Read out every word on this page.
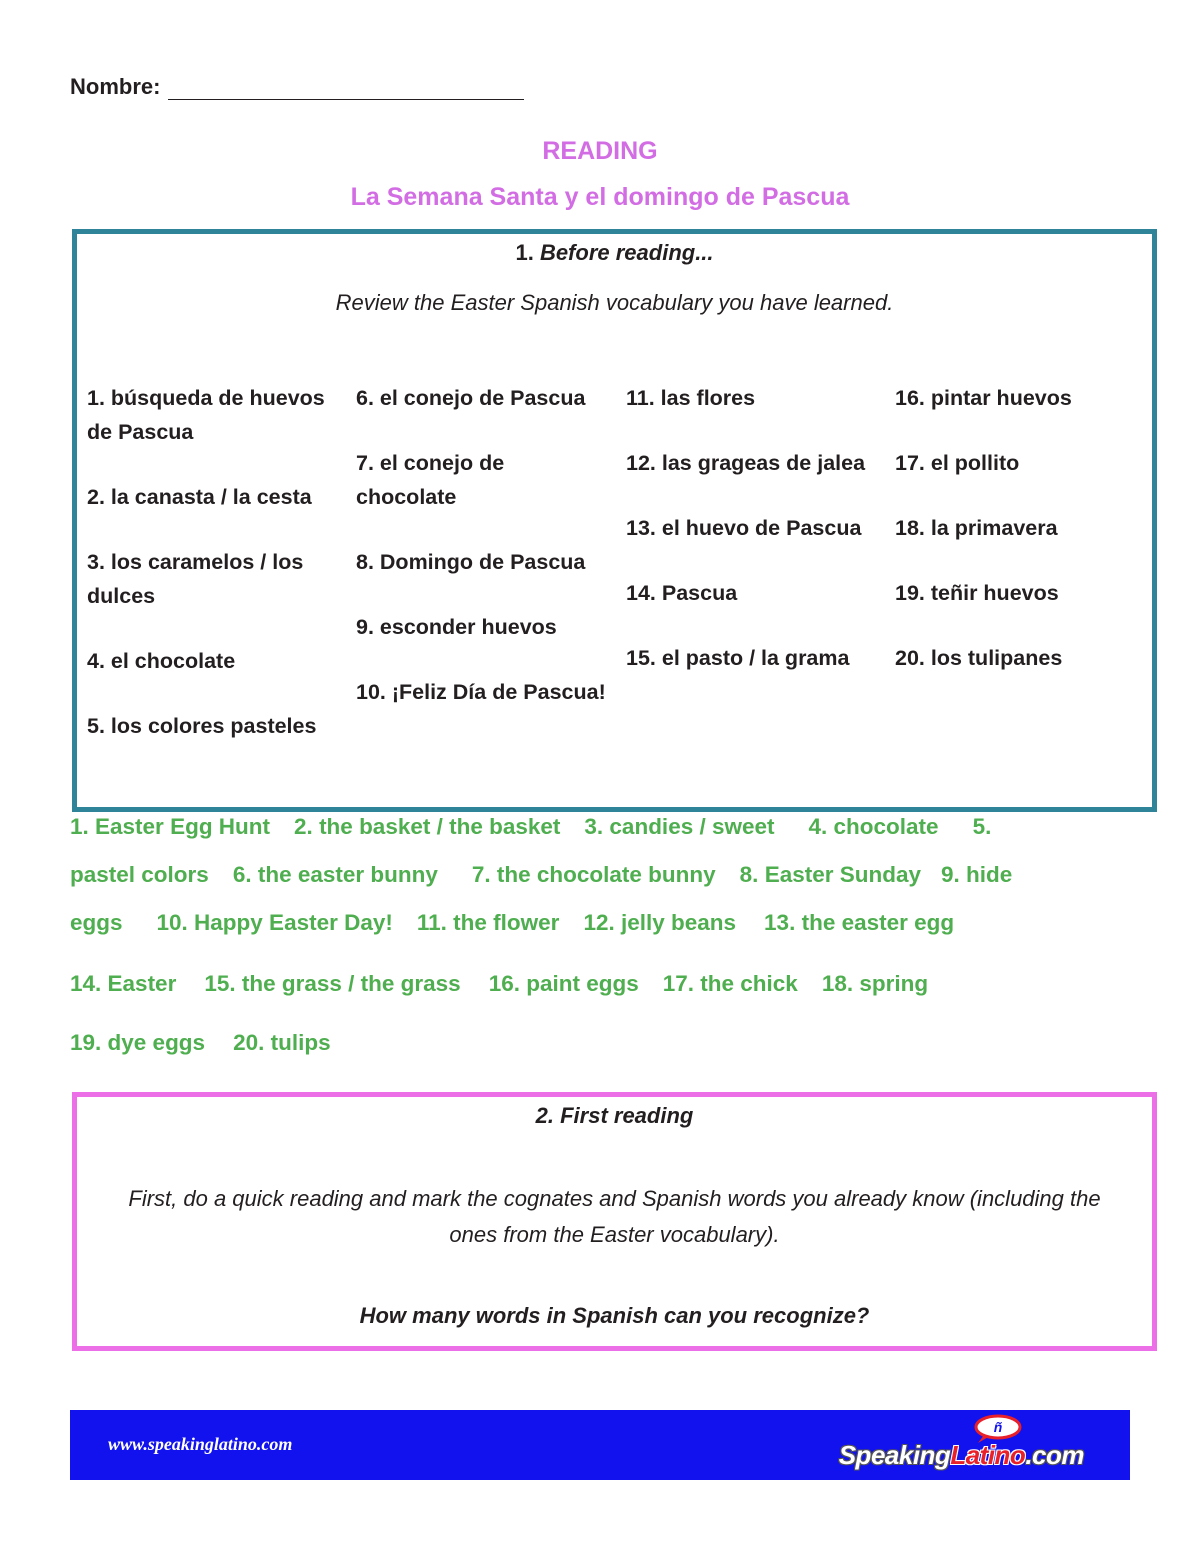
Nombre:
READING
La Semana Santa y el domingo de Pascua
1. Before reading...
Review the Easter Spanish vocabulary you have learned.
1. búsqueda de huevos de Pascua
2. la canasta / la cesta
3. los caramelos / los dulces
4. el chocolate
5. los colores pasteles
6. el conejo de Pascua
7. el conejo de chocolate
8. Domingo de Pascua
9. esconder huevos
10. ¡Feliz Día de Pascua!
11. las flores
12. las grageas de jalea
13. el huevo de Pascua
14. Pascua
15. el pasto / la grama
16. pintar huevos
17. el pollito
18. la primavera
19. teñir huevos
20. los tulipanes
1. Easter Egg Hunt 2. the basket / the basket 3. candies / sweet 4. chocolate 5.
pastel colors 6. the easter bunny 7. the chocolate bunny 8. Easter Sunday 9. hide
eggs 10. Happy Easter Day! 11. the flower 12. jelly beans 13. the easter egg
14. Easter 15. the grass / the grass 16. paint eggs 17. the chick 18. spring
19. dye eggs 20. tulips
2. First reading
First, do a quick reading and mark the cognates and Spanish words you already know (including the ones from the Easter vocabulary).
How many words in Spanish can you recognize?
www.speakinglatino.com
ñ
SpeakingLatino.com
